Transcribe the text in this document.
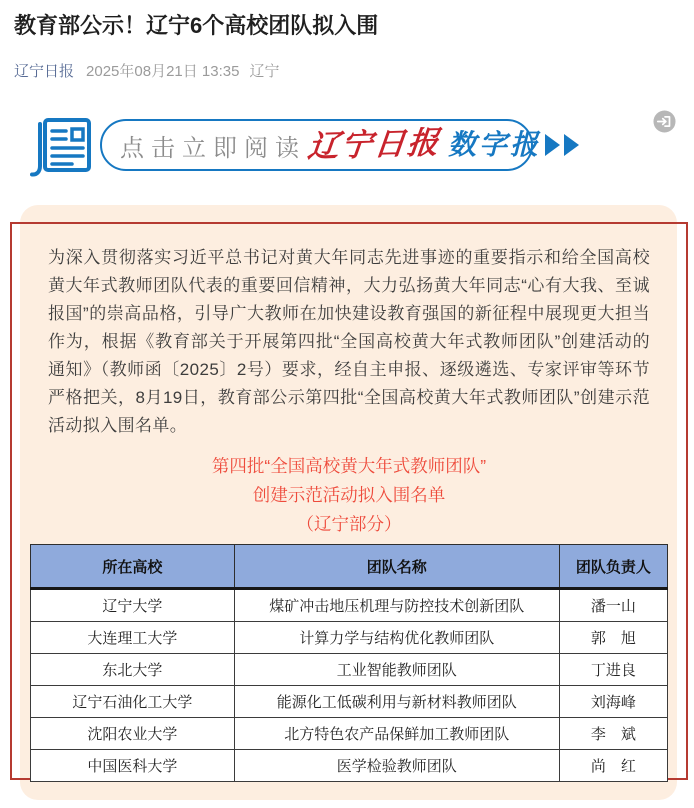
教育部公示！辽宁6个高校团队拟入围
辽宁日报 2025年08月21日 13:35 辽宁
点击立即阅读 辽宁日报 数字报

为深入贯彻落实习近平总书记对黄大年同志先进事迹的重要指示和给全国高校黄大年式教师团队代表的重要回信精神，大力弘扬黄大年同志“心有大我、至诚报国”的崇高品格，引导广大教师在加快建设教育强国的新征程中展现更大担当作为，根据《教育部关于开展第四批“全国高校黄大年式教师团队”创建活动的通知》（教师函〔2025〕2号）要求，经自主申报、逐级遴选、专家评审等环节严格把关，8月19日，教育部公示第四批“全国高校黄大年式教师团队”创建示范活动拟入围名单。

第四批“全国高校黄大年式教师团队”
创建示范活动拟入围名单
（辽宁部分）
所在高校	团队名称	团队负责人
辽宁大学	煤矿冲击地压机理与防控技术创新团队	潘一山
大连理工大学	计算力学与结构优化教师团队	郭　旭
东北大学	工业智能教师团队	丁进良
辽宁石油化工大学	能源化工低碳利用与新材料教师团队	刘海峰
沈阳农业大学	北方特色农产品保鲜加工教师团队	李　斌
中国医科大学	医学检验教师团队	尚　红
